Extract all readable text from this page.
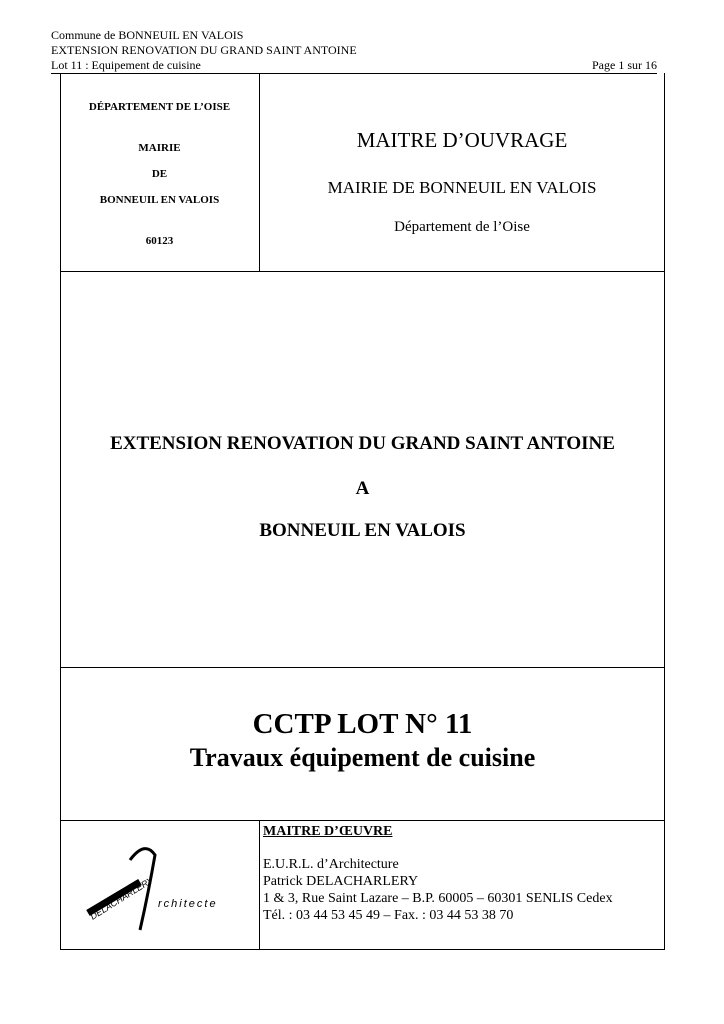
Commune de BONNEUIL EN VALOIS
EXTENSION RENOVATION DU GRAND SAINT ANTOINE
Lot 11 : Equipement de cuisine	Page 1 sur 16
DÉPARTEMENT DE L’OISE
MAIRIE
DE
BONNEUIL EN VALOIS
60123
MAITRE D’OUVRAGE
MAIRIE DE BONNEUIL EN VALOIS
Département de l’Oise
EXTENSION RENOVATION DU GRAND SAINT ANTOINE
A
BONNEUIL EN VALOIS
CCTP LOT N° 11
Travaux équipement de cuisine
DELACHARLERY rchitecte
MAITRE D’ŒUVRE
E.U.R.L. d’Architecture
Patrick DELACHARLERY
1 & 3, Rue Saint Lazare – B.P. 60005 – 60301 SENLIS Cedex
Tél. : 03 44 53 45 49 – Fax. : 03 44 53 38 70
